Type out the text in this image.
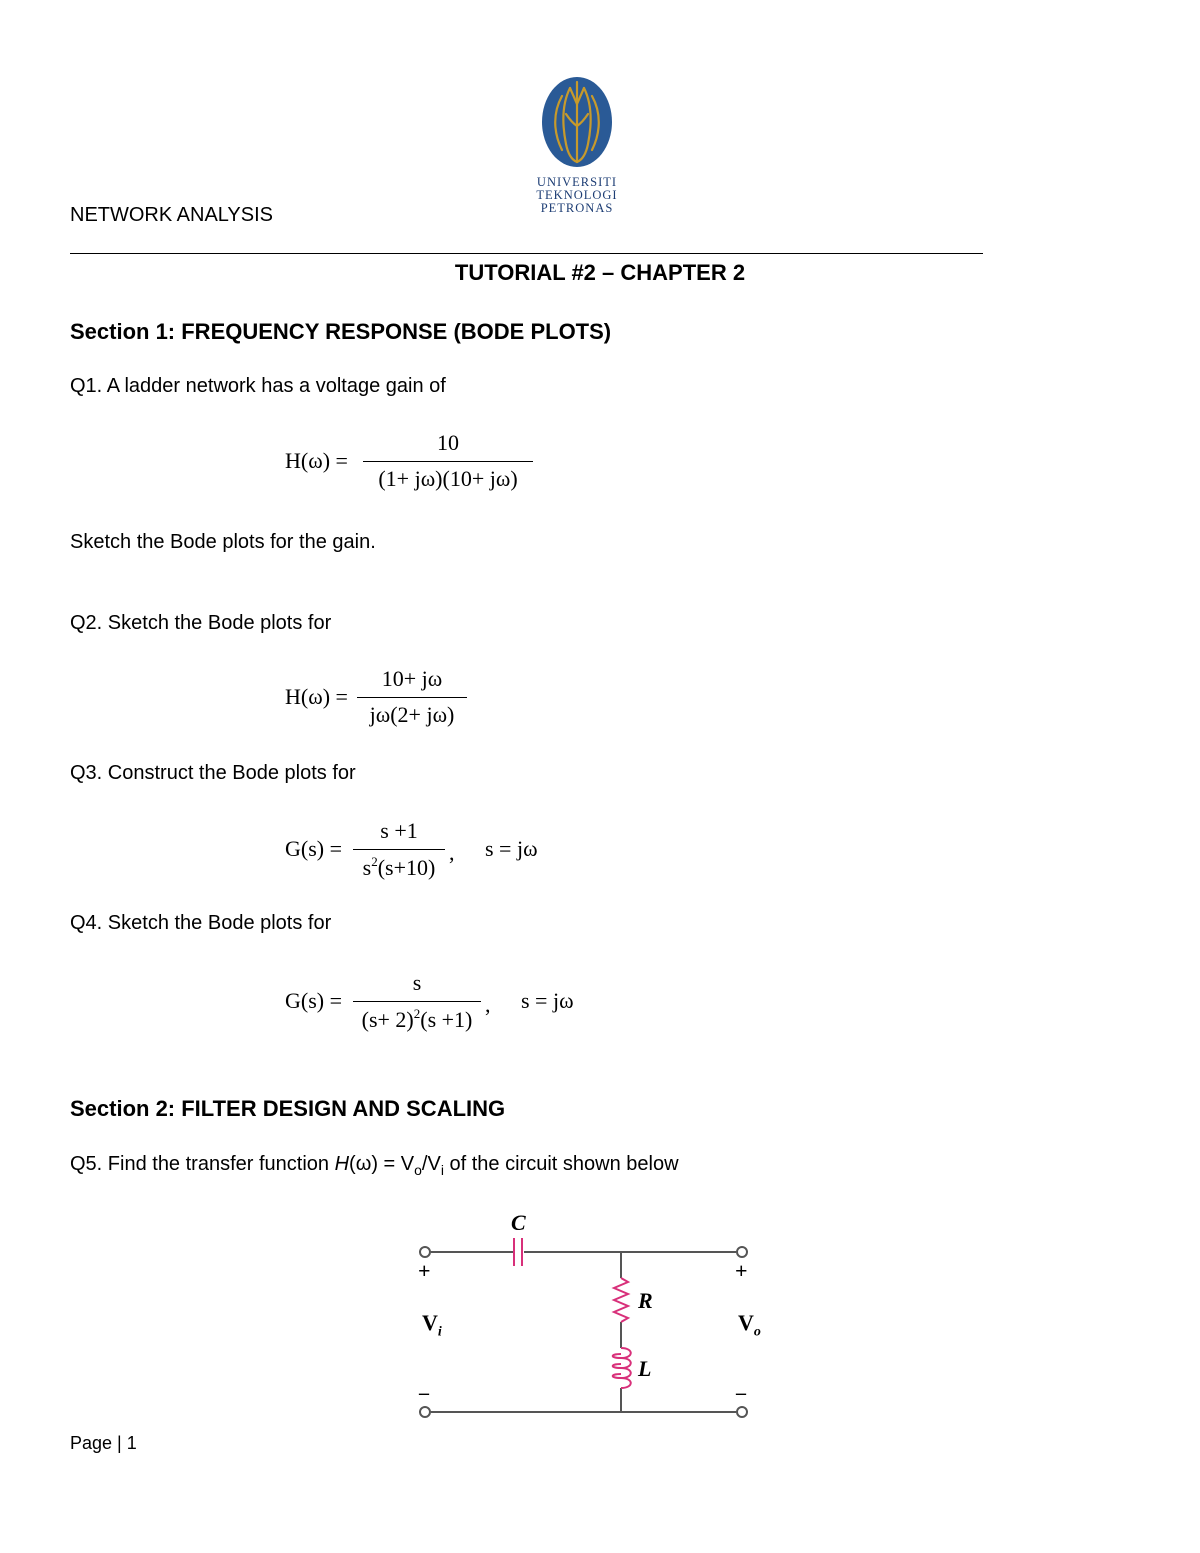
NETWORK ANALYSIS
UNIVERSITI
TEKNOLOGI
PETRONAS
TUTORIAL #2 – CHAPTER 2
Section 1: FREQUENCY RESPONSE (BODE PLOTS)
Q1. A ladder network has a voltage gain of
H(ω) =
10
(1+ jω)(10+ jω)
Sketch the Bode plots for the gain.
Q2. Sketch the Bode plots for
H(ω) =
10+ jω
jω(2+ jω)
Q3. Construct the Bode plots for
G(s) =
s +1
$s^2(s+10)$
, s = jω
Q4. Sketch the Bode plots for
G(s) =
s
$(s+ 2)^2(s +1)$
, s = jω
Section 2: FILTER DESIGN AND SCALING
Q5. Find the transfer function $H(\omega) = V_o/V_i$ of the circuit shown below
C
R
L
+	+
–	–
$V_i$	$V_o$
Page | 1
